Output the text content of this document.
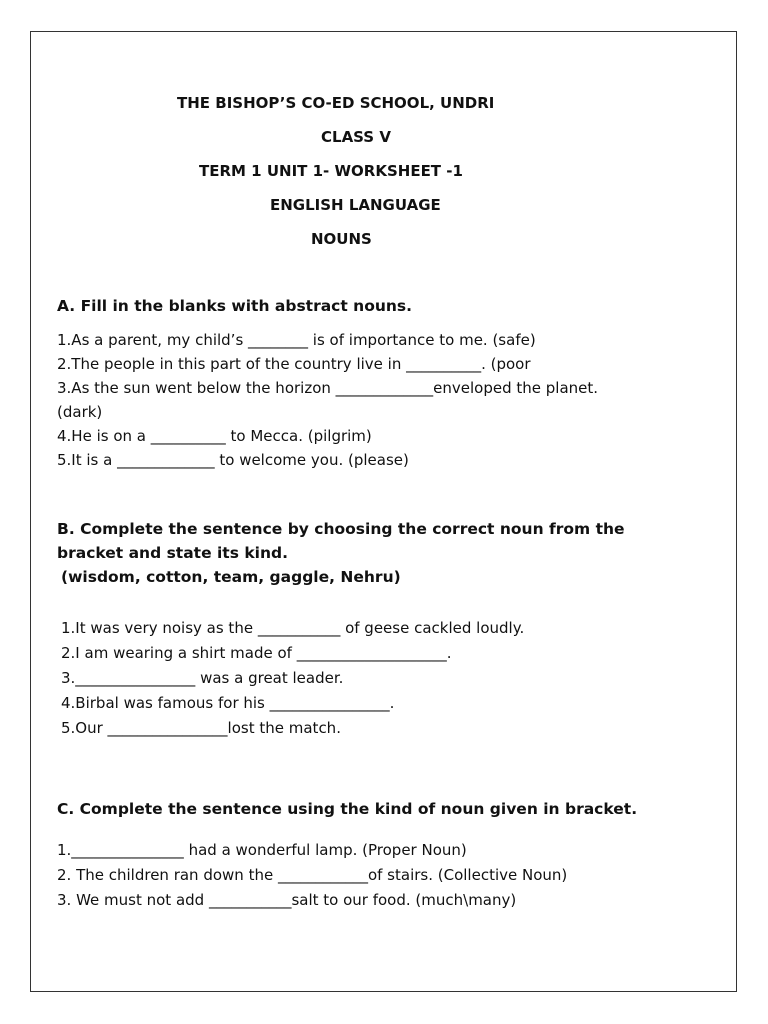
THE BISHOP’S CO-ED SCHOOL, UNDRI
CLASS V
TERM 1 UNIT 1- WORKSHEET -1
ENGLISH LANGUAGE
NOUNS
A. Fill in the blanks with abstract nouns.
1.As a parent, my child’s ________ is of importance to me. (safe)
2.The people in this part of the country live in __________. (poor
3.As the sun went below the horizon _____________enveloped the planet.
(dark)
4.He is on a __________ to Mecca. (pilgrim)
5.It is a _____________ to welcome you. (please)
B. Complete the sentence by choosing the correct noun from the
bracket and state its kind.
(wisdom, cotton, team, gaggle, Nehru)
1.It was very noisy as the ___________ of geese cackled loudly.
2.I am wearing a shirt made of ____________________.
3.________________ was a great leader.
4.Birbal was famous for his ________________.
5.Our ________________lost the match.
C. Complete the sentence using the kind of noun given in bracket.
1._______________ had a wonderful lamp. (Proper Noun)
2. The children ran down the ____________of stairs. (Collective Noun)
3. We must not add ___________salt to our food. (much\many)
